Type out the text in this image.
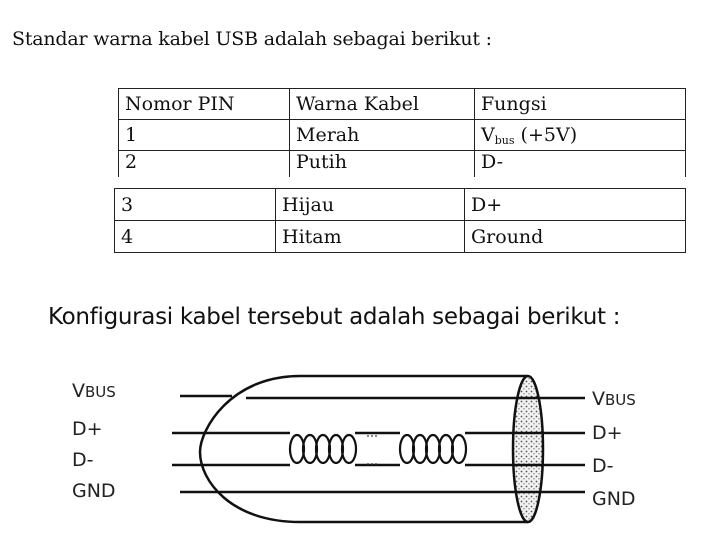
Standar warna kabel USB adalah sebagai berikut :
Nomor PIN	Warna Kabel	Fungsi
1	Merah	$V_{bus}$ (+5V)
2	Putih	D-
3	Hijau	D+
4	Hitam	Ground
Konfigurasi kabel tersebut adalah sebagai berikut :
VBUS
D+
D-
GND
VBUS
D+
D-
GND
